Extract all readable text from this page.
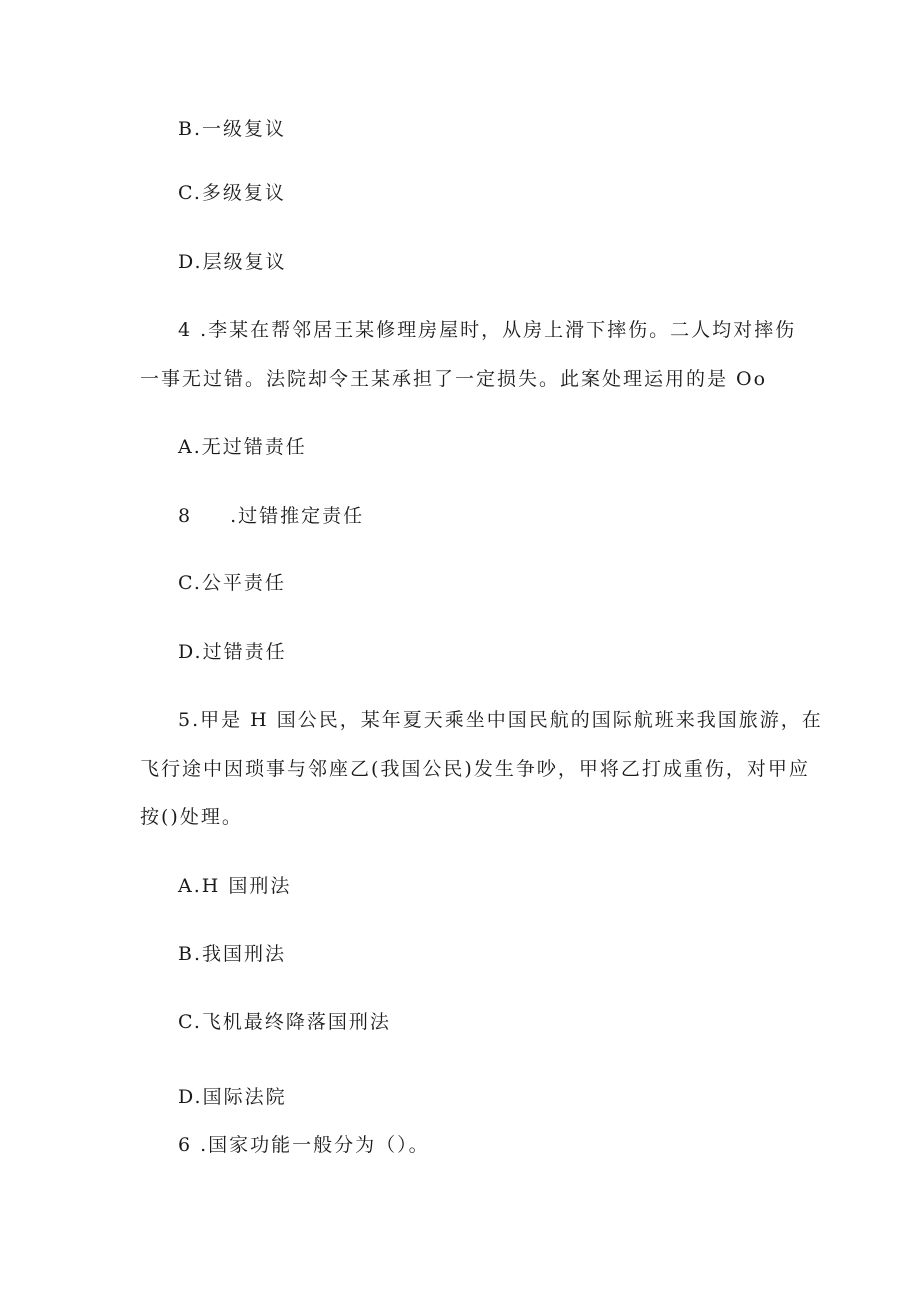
B.一级复议
C.多级复议
D.层级复议
4 .李某在帮邻居王某修理房屋时，从房上滑下摔伤。二人均对摔伤
一事无过错。法院却令王某承担了一定损失。此案处理运用的是 Oo
A.无过错责任
8 .过错推定责任
C.公平责任
D.过错责任
5.甲是 H 国公民，某年夏天乘坐中国民航的国际航班来我国旅游，在
飞行途中因琐事与邻座乙(我国公民)发生争吵，甲将乙打成重伤，对甲应
按()处理。
A.H 国刑法
B.我国刑法
C.飞机最终降落国刑法
D.国际法院
6 .国家功能一般分为（）。
